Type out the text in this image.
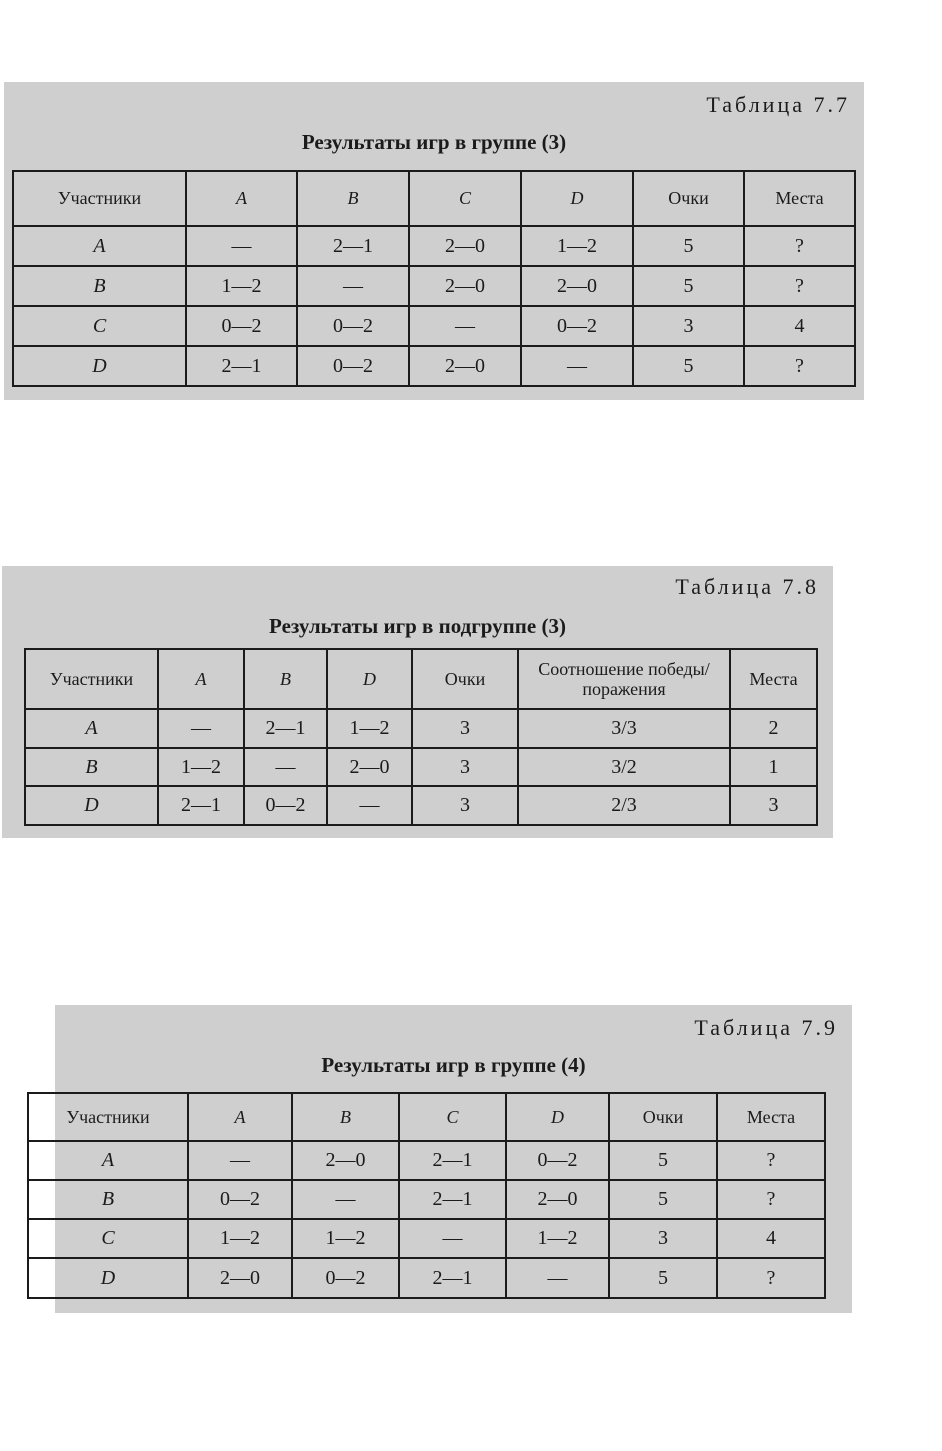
Таблица 7.7
Результаты игр в группе (3)
Участники	A	B	C	D	Очки	Места
A	—	2—1	2—0	1—2	5	?
B	1—2	—	2—0	2—0	5	?
C	0—2	0—2	—	0—2	3	4
D	2—1	0—2	2—0	—	5	?
Таблица 7.8
Результаты игр в подгруппе (3)
Участники	A	B	D	Очки	Соотношение победы/поражения	Места
A	—	2—1	1—2	3	3/3	2
B	1—2	—	2—0	3	3/2	1
D	2—1	0—2	—	3	2/3	3
Таблица 7.9
Результаты игр в группе (4)
Участники	A	B	C	D	Очки	Места
A	—	2—0	2—1	0—2	5	?
B	0—2	—	2—1	2—0	5	?
C	1—2	1—2	—	1—2	3	4
D	2—0	0—2	2—1	—	5	?
